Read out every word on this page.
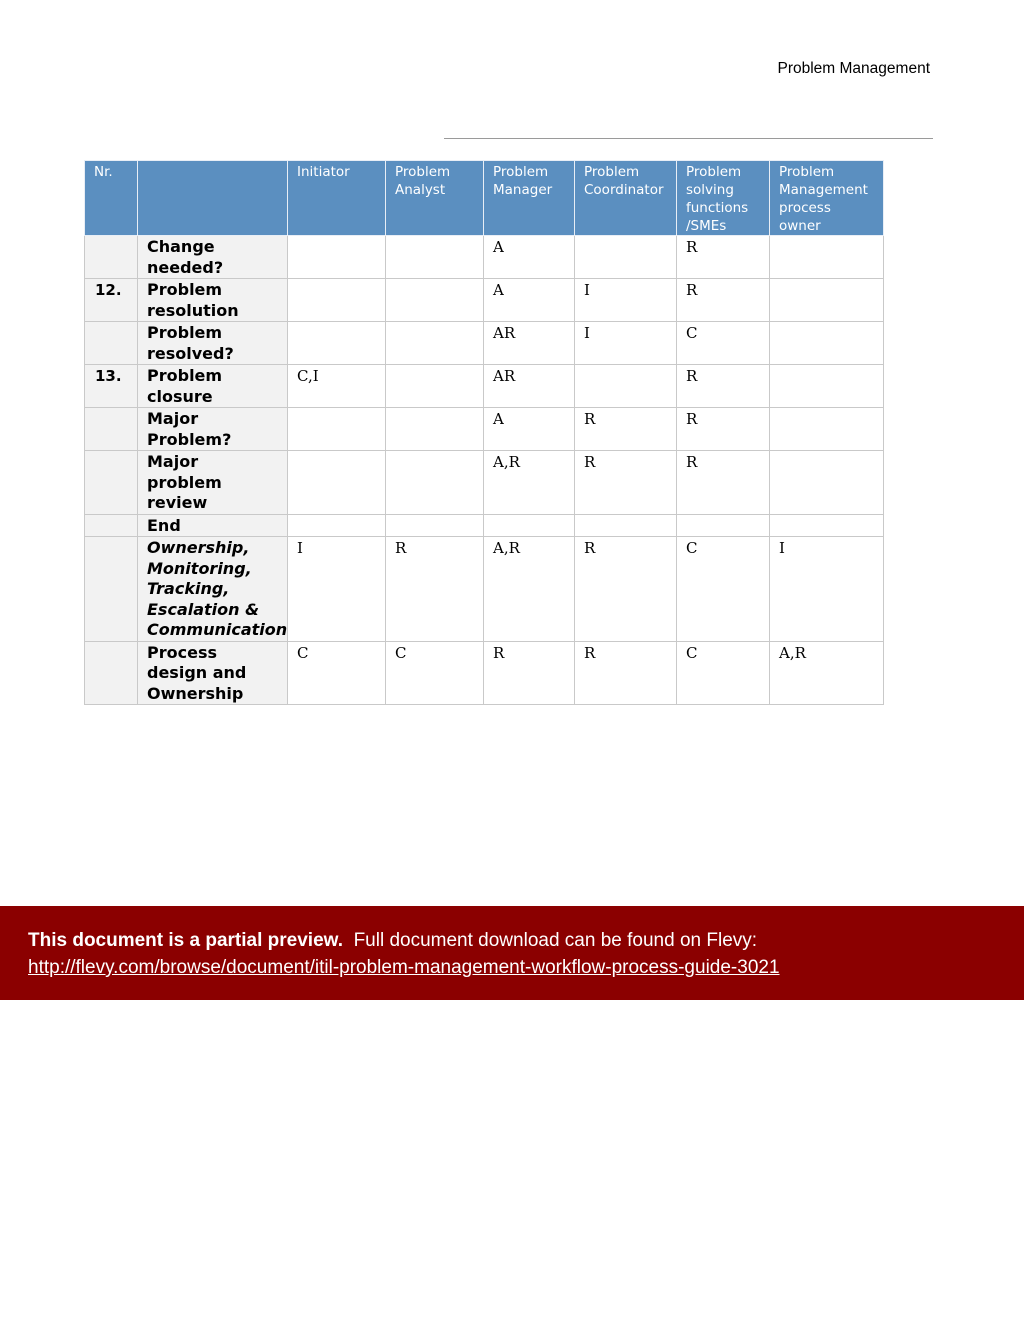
Problem Management
Nr.		Initiator	Problem Analyst	Problem Manager	Problem Coordinator	Problem solving functions /SMEs	Problem Management process owner
	Change needed?			A		R	
12.	Problem resolution			A	I	R	
	Problem resolved?			AR	I	C	
13.	Problem closure	C,I		AR		R	
	Major Problem?			A	R	R	
	Major problem review			A,R	R	R	
	End						
	Ownership, Monitoring, Tracking, Escalation & Communication	I	R	A,R	R	C	I
	Process design and Ownership	C	C	R	R	C	A,R
This document is a partial preview. Full document download can be found on Flevy:
http://flevy.com/browse/document/itil-problem-management-workflow-process-guide-3021
